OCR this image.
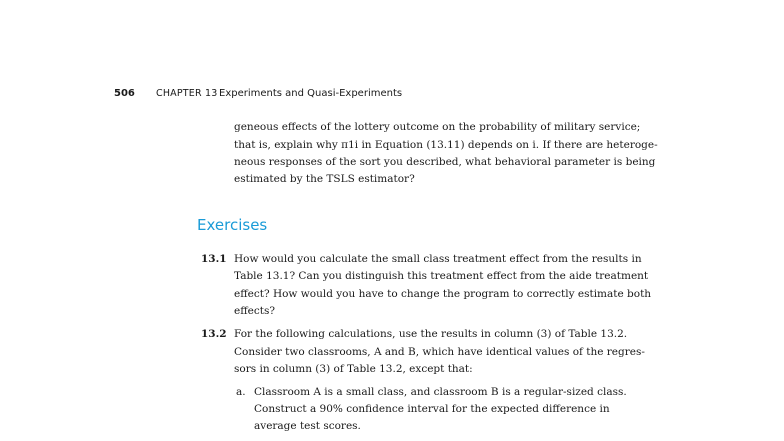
506 CHAPTER 13 Experiments and Quasi-Experiments
geneous effects of the lottery outcome on the probability of military service;
that is, explain why π1i in Equation (13.11) depends on i. If there are heteroge-
neous responses of the sort you described, what behavioral parameter is being
estimated by the TSLS estimator?
Exercises
13.1 How would you calculate the small class treatment effect from the results in
Table 13.1? Can you distinguish this treatment effect from the aide treatment
effect? How would you have to change the program to correctly estimate both
effects?
13.2 For the following calculations, use the results in column (3) of Table 13.2.
Consider two classrooms, A and B, which have identical values of the regres-
sors in column (3) of Table 13.2, except that:
a. Classroom A is a small class, and classroom B is a regular-sized class.
Construct a 90% confidence interval for the expected difference in
average test scores.
